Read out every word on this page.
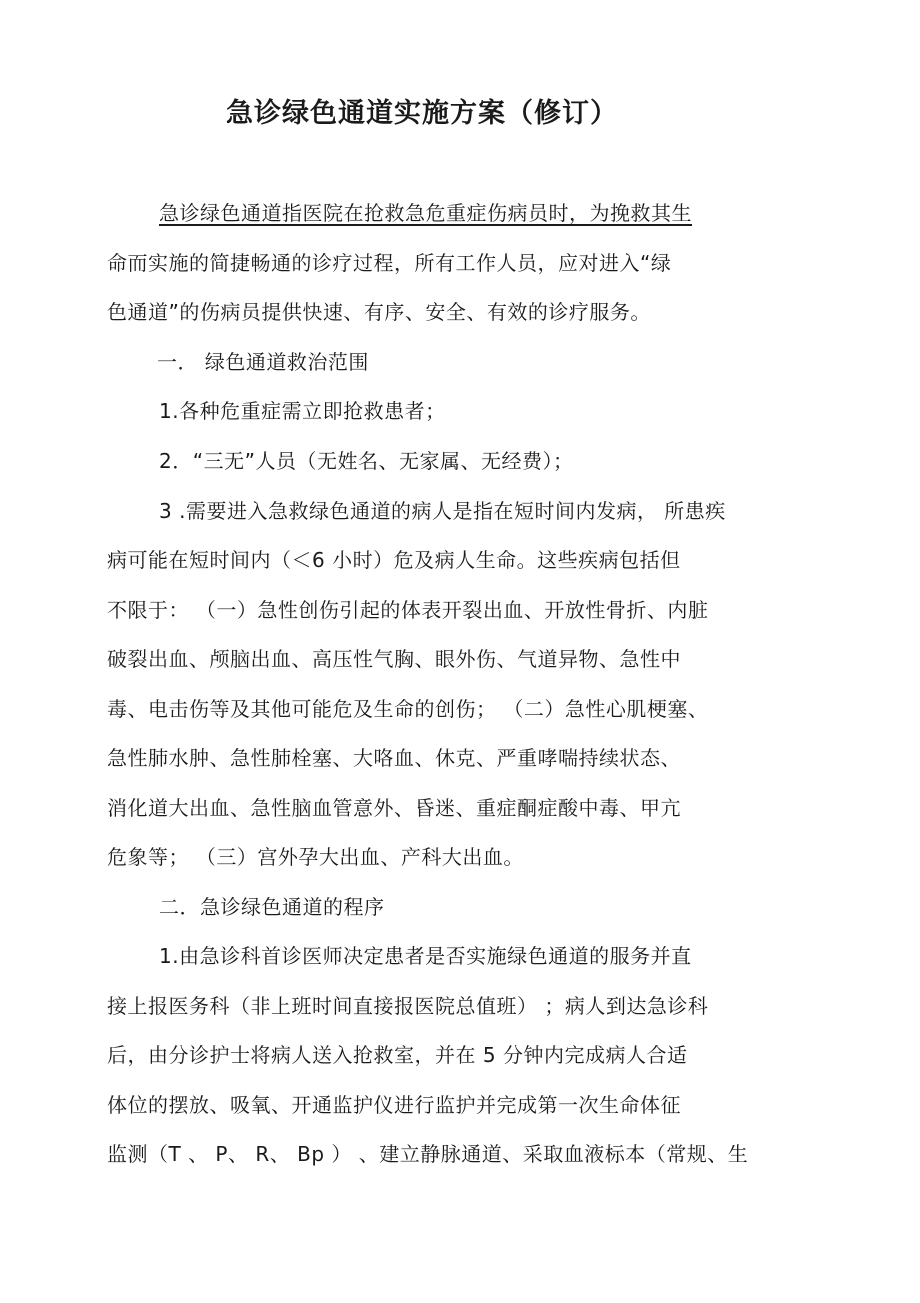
急诊绿色通道实施方案（修订）

急诊绿色通道指医院在抢救急危重症伤病员时，为挽救其生

命而实施的简捷畅通的诊疗过程，所有工作人员，应对进入“绿

色通道”的伤病员提供快速、有序、安全、有效的诊疗服务。

一． 绿色通道救治范围

1.各种危重症需立即抢救患者；

2．“三无”人员（无姓名、无家属、无经费）；

3 .需要进入急救绿色通道的病人是指在短时间内发病， 所患疾

病可能在短时间内（＜6 小时）危及病人生命。这些疾病包括但

不限于： （一）急性创伤引起的体表开裂出血、开放性骨折、内脏

破裂出血、颅脑出血、高压性气胸、眼外伤、气道异物、急性中

毒、电击伤等及其他可能危及生命的创伤； （二）急性心肌梗塞、

急性肺水肿、急性肺栓塞、大咯血、休克、严重哮喘持续状态、

消化道大出血、急性脑血管意外、昏迷、重症酮症酸中毒、甲亢

危象等； （三）宫外孕大出血、产科大出血。

二．急诊绿色通道的程序

1.由急诊科首诊医师决定患者是否实施绿色通道的服务并直

接上报医务科（非上班时间直接报医院总值班） ；病人到达急诊科

后，由分诊护士将病人送入抢救室，并在 5 分钟内完成病人合适

体位的摆放、吸氧、开通监护仪进行监护并完成第一次生命体征

监测（T 、 P、 R、 Bp ） 、建立静脉通道、采取血液标本（常规、生
